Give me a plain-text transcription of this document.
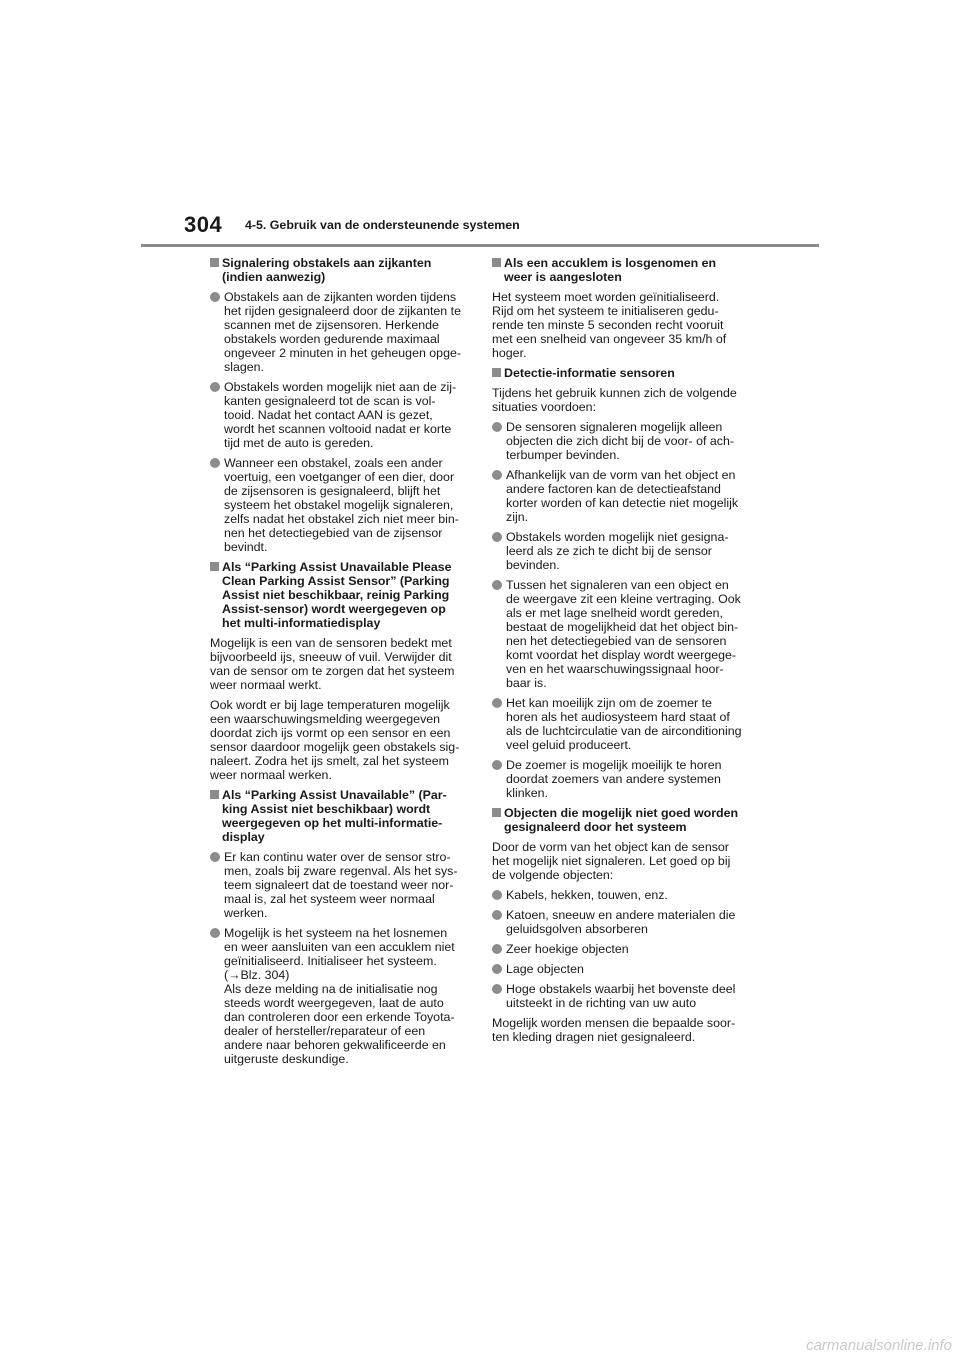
304 4-5. Gebruik van de ondersteunende systemen
Signalering obstakels aan zijkanten
(indien aanwezig)
Obstakels aan de zijkanten worden tijdens
het rijden gesignaleerd door de zijkanten te
scannen met de zijsensoren. Herkende
obstakels worden gedurende maximaal
ongeveer 2 minuten in het geheugen opge-
slagen.
Obstakels worden mogelijk niet aan de zij-
kanten gesignaleerd tot de scan is vol-
tooid. Nadat het contact AAN is gezet,
wordt het scannen voltooid nadat er korte
tijd met de auto is gereden.
Wanneer een obstakel, zoals een ander
voertuig, een voetganger of een dier, door
de zijsensoren is gesignaleerd, blijft het
systeem het obstakel mogelijk signaleren,
zelfs nadat het obstakel zich niet meer bin-
nen het detectiegebied van de zijsensor
bevindt.
Als “Parking Assist Unavailable Please
Clean Parking Assist Sensor” (Parking
Assist niet beschikbaar, reinig Parking
Assist-sensor) wordt weergegeven op
het multi-informatiedisplay
Mogelijk is een van de sensoren bedekt met
bijvoorbeeld ijs, sneeuw of vuil. Verwijder dit
van de sensor om te zorgen dat het systeem
weer normaal werkt.
Ook wordt er bij lage temperaturen mogelijk
een waarschuwingsmelding weergegeven
doordat zich ijs vormt op een sensor en een
sensor daardoor mogelijk geen obstakels sig-
naleert. Zodra het ijs smelt, zal het systeem
weer normaal werken.
Als “Parking Assist Unavailable” (Par-
king Assist niet beschikbaar) wordt
weergegeven op het multi-informatie-
display
Er kan continu water over de sensor stro-
men, zoals bij zware regenval. Als het sys-
teem signaleert dat de toestand weer nor-
maal is, zal het systeem weer normaal
werken.
Mogelijk is het systeem na het losnemen
en weer aansluiten van een accuklem niet
geïnitialiseerd. Initialiseer het systeem.
(→Blz. 304)
Als deze melding na de initialisatie nog
steeds wordt weergegeven, laat de auto
dan controleren door een erkende Toyota-
dealer of hersteller/reparateur of een
andere naar behoren gekwalificeerde en
uitgeruste deskundige.
Als een accuklem is losgenomen en
weer is aangesloten
Het systeem moet worden geïnitialiseerd.
Rijd om het systeem te initialiseren gedu-
rende ten minste 5 seconden recht vooruit
met een snelheid van ongeveer 35 km/h of
hoger.
Detectie-informatie sensoren
Tijdens het gebruik kunnen zich de volgende
situaties voordoen:
De sensoren signaleren mogelijk alleen
objecten die zich dicht bij de voor- of ach-
terbumper bevinden.
Afhankelijk van de vorm van het object en
andere factoren kan de detectieafstand
korter worden of kan detectie niet mogelijk
zijn.
Obstakels worden mogelijk niet gesigna-
leerd als ze zich te dicht bij de sensor
bevinden.
Tussen het signaleren van een object en
de weergave zit een kleine vertraging. Ook
als er met lage snelheid wordt gereden,
bestaat de mogelijkheid dat het object bin-
nen het detectiegebied van de sensoren
komt voordat het display wordt weergege-
ven en het waarschuwingssignaal hoor-
baar is.
Het kan moeilijk zijn om de zoemer te
horen als het audiosysteem hard staat of
als de luchtcirculatie van de airconditioning
veel geluid produceert.
De zoemer is mogelijk moeilijk te horen
doordat zoemers van andere systemen
klinken.
Objecten die mogelijk niet goed worden
gesignaleerd door het systeem
Door de vorm van het object kan de sensor
het mogelijk niet signaleren. Let goed op bij
de volgende objecten:
Kabels, hekken, touwen, enz.
Katoen, sneeuw en andere materialen die
geluidsgolven absorberen
Zeer hoekige objecten
Lage objecten
Hoge obstakels waarbij het bovenste deel
uitsteekt in de richting van uw auto
Mogelijk worden mensen die bepaalde soor-
ten kleding dragen niet gesignaleerd.
carmanualsonline.info
